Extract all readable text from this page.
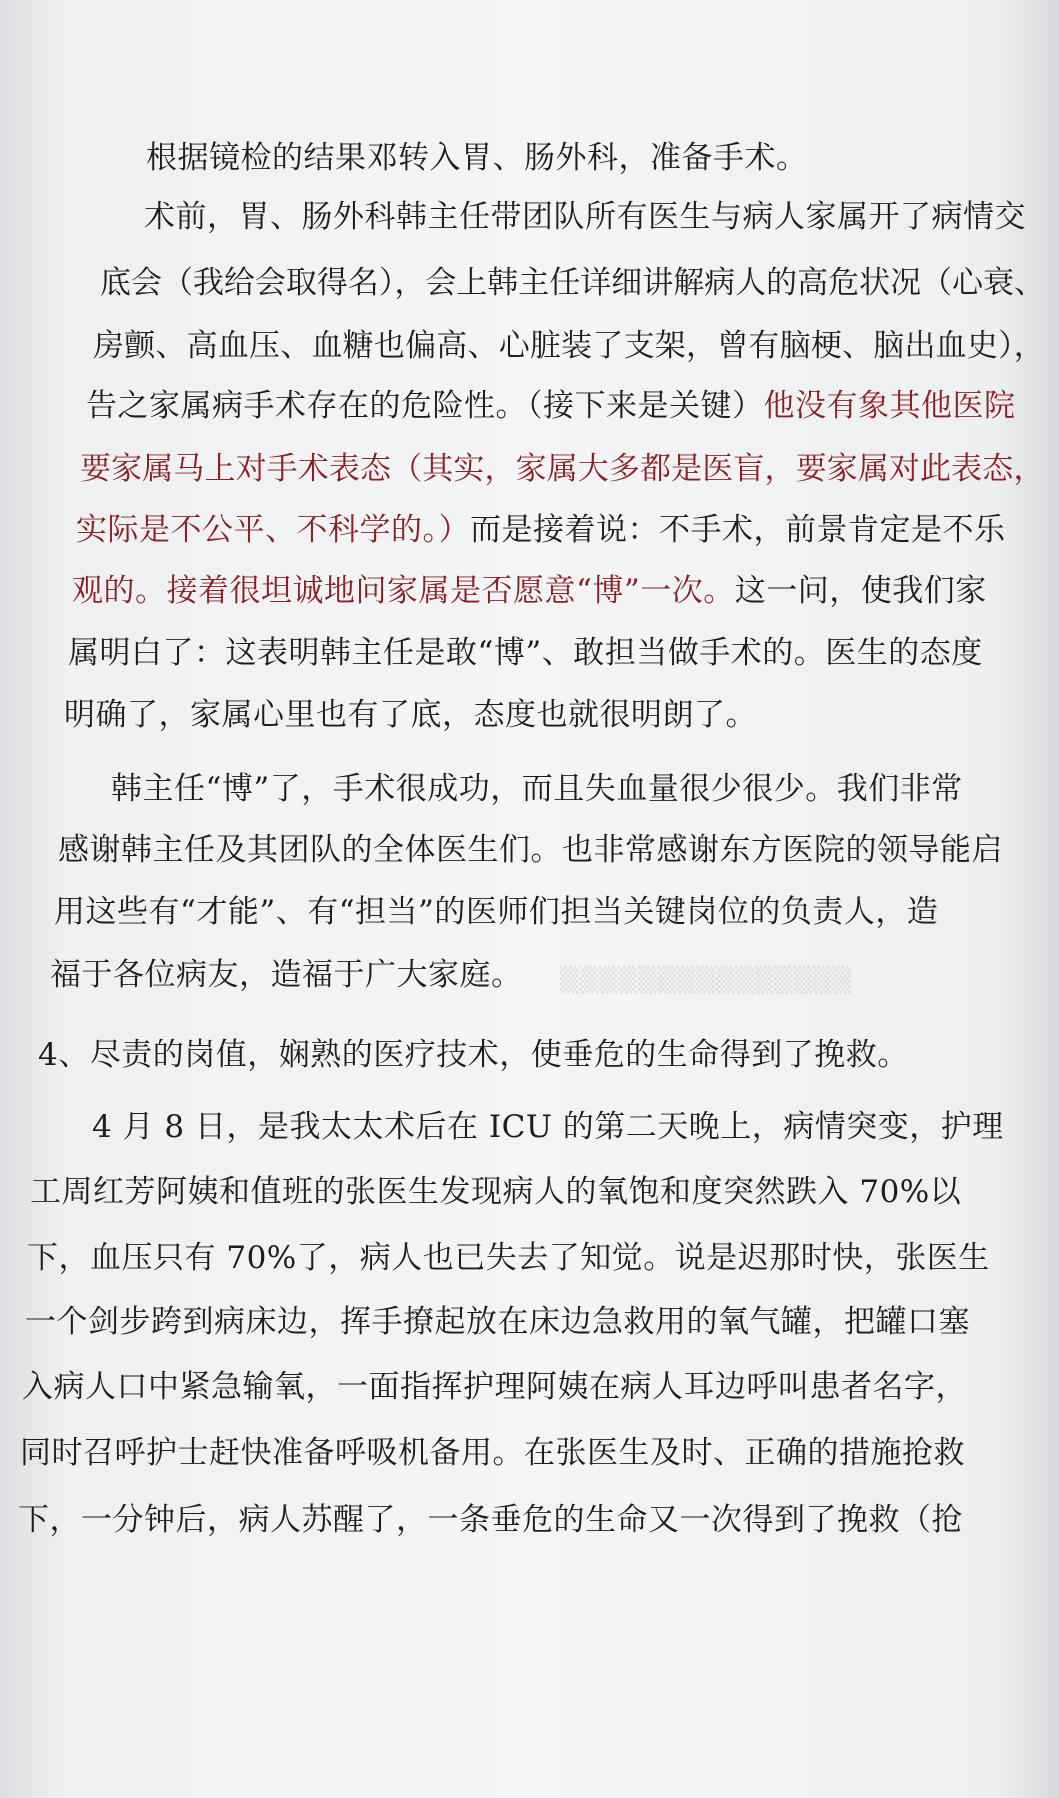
▒▒▒▒▒▒▒▒▒▒▒▒▒▒▒
根据镜检的结果邓转入胃、肠外科，准备手术。
术前，胃、肠外科韩主任带团队所有医生与病人家属开了病情交
底会（我给会取得名），会上韩主任详细讲解病人的高危状况（心衰、
房颤、高血压、血糖也偏高、心脏装了支架，曾有脑梗、脑出血史），
告之家属病手术存在的危险性。（接下来是关键）他没有象其他医院
要家属马上对手术表态（其实，家属大多都是医盲，要家属对此表态，
实际是不公平、不科学的。）而是接着说：不手术，前景肯定是不乐
观的。接着很坦诚地问家属是否愿意“博”一次。这一问，使我们家
属明白了：这表明韩主任是敢“博”、敢担当做手术的。医生的态度
明确了，家属心里也有了底，态度也就很明朗了。
韩主任“博”了，手术很成功，而且失血量很少很少。我们非常
感谢韩主任及其团队的全体医生们。也非常感谢东方医院的领导能启
用这些有“才能”、有“担当”的医师们担当关键岗位的负责人，造
福于各位病友，造福于广大家庭。
4、尽责的岗值，娴熟的医疗技术，使垂危的生命得到了挽救。
4 月 8 日，是我太太术后在 ICU 的第二天晚上，病情突变，护理
工周红芳阿姨和值班的张医生发现病人的氧饱和度突然跌入 70%以
下，血压只有 70%了，病人也已失去了知觉。说是迟那时快，张医生
一个剑步跨到病床边，挥手撩起放在床边急救用的氧气罐，把罐口塞
入病人口中紧急输氧，一面指挥护理阿姨在病人耳边呼叫患者名字，
同时召呼护士赶快准备呼吸机备用。在张医生及时、正确的措施抢救
下，一分钟后，病人苏醒了，一条垂危的生命又一次得到了挽救（抢
